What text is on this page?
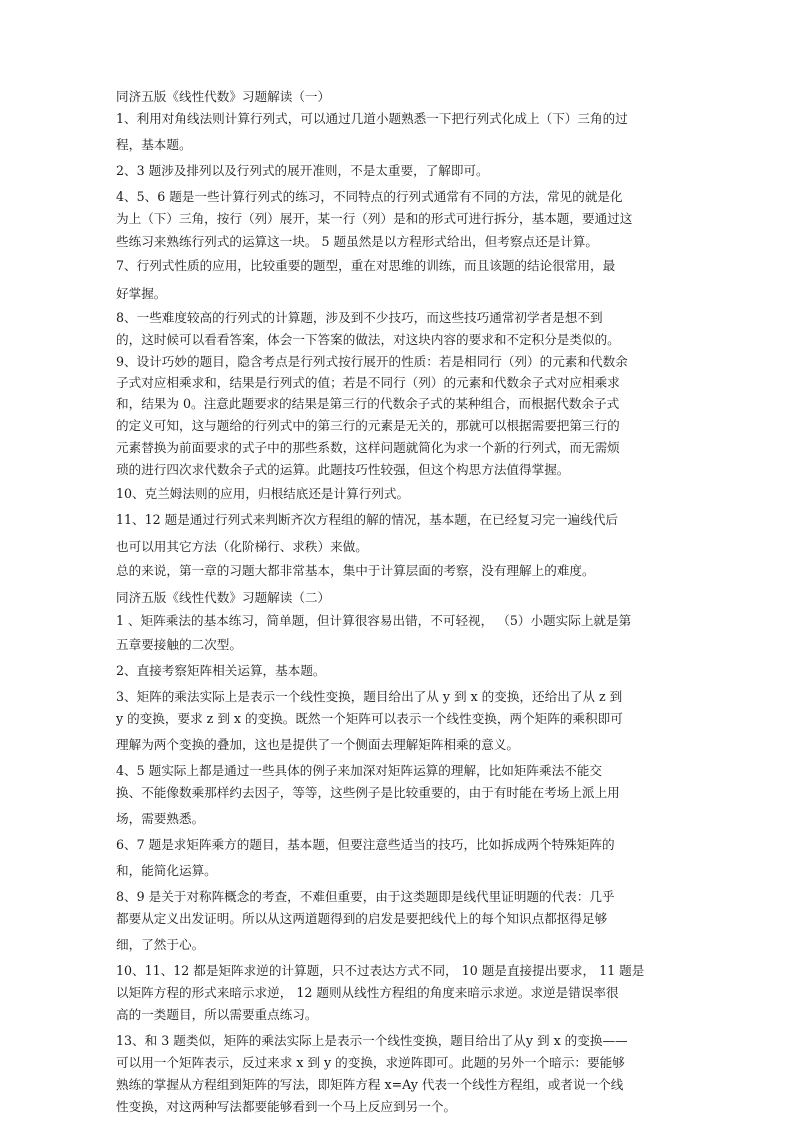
同济五版《线性代数》习题解读（一）

1、利用对角线法则计算行列式，可以通过几道小题熟悉一下把行列式化成上（下）三角的过

程，基本题。

2、3 题涉及排列以及行列式的展开准则，不是太重要，了解即可。

4、5、6 题是一些计算行列式的练习，不同特点的行列式通常有不同的方法，常见的就是化

为上（下）三角，按行（列）展开，某一行（列）是和的形式可进行拆分，基本题，要通过这

些练习来熟练行列式的运算这一块。 5 题虽然是以方程形式给出，但考察点还是计算。

7、行列式性质的应用，比较重要的题型，重在对思维的训练，而且该题的结论很常用，最

好掌握。

8、一些难度较高的行列式的计算题，涉及到不少技巧，而这些技巧通常初学者是想不到

的，这时候可以看看答案，体会一下答案的做法，对这块内容的要求和不定积分是类似的。

9、设计巧妙的题目，隐含考点是行列式按行展开的性质：若是相同行（列）的元素和代数余

子式对应相乘求和，结果是行列式的值；若是不同行（列）的元素和代数余子式对应相乘求

和，结果为 0。注意此题要求的结果是第三行的代数余子式的某种组合，而根据代数余子式

的定义可知，这与题给的行列式中的第三行的元素是无关的，那就可以根据需要把第三行的

元素替换为前面要求的式子中的那些系数，这样问题就简化为求一个新的行列式，而无需烦

琐的进行四次求代数余子式的运算。此题技巧性较强，但这个构思方法值得掌握。

10、克兰姆法则的应用，归根结底还是计算行列式。

11、12 题是通过行列式来判断齐次方程组的解的情况，基本题，在已经复习完一遍线代后

也可以用其它方法（化阶梯行、求秩）来做。

总的来说，第一章的习题大都非常基本，集中于计算层面的考察，没有理解上的难度。

同济五版《线性代数》习题解读（二）

1 、矩阵乘法的基本练习，简单题，但计算很容易出错，不可轻视， （5）小题实际上就是第

五章要接触的二次型。

2、直接考察矩阵相关运算，基本题。

3、矩阵的乘法实际上是表示一个线性变换，题目给出了从 y 到 x 的变换，还给出了从 z 到

y 的变换，要求 z 到 x 的变换。既然一个矩阵可以表示一个线性变换，两个矩阵的乘积即可

理解为两个变换的叠加，这也是提供了一个侧面去理解矩阵相乘的意义。

4、5 题实际上都是通过一些具体的例子来加深对矩阵运算的理解，比如矩阵乘法不能交

换、不能像数乘那样约去因子，等等，这些例子是比较重要的，由于有时能在考场上派上用

场，需要熟悉。

6、7 题是求矩阵乘方的题目，基本题，但要注意些适当的技巧，比如拆成两个特殊矩阵的

和，能简化运算。

8、9 是关于对称阵概念的考查，不难但重要，由于这类题即是线代里证明题的代表：几乎

都要从定义出发证明。所以从这两道题得到的启发是要把线代上的每个知识点都抠得足够

细，了然于心。

10、11、12 都是矩阵求逆的计算题，只不过表达方式不同， 10 题是直接提出要求， 11 题是

以矩阵方程的形式来暗示求逆， 12 题则从线性方程组的角度来暗示求逆。求逆是错误率很

高的一类题目，所以需要重点练习。

13、和 3 题类似，矩阵的乘法实际上是表示一个线性变换，题目给出了从y 到 x 的变换——

可以用一个矩阵表示，反过来求 x 到 y 的变换，求逆阵即可。此题的另外一个暗示：要能够

熟练的掌握从方程组到矩阵的写法，即矩阵方程 x=Ay 代表一个线性方程组，或者说一个线

性变换，对这两种写法都要能够看到一个马上反应到另一个。
